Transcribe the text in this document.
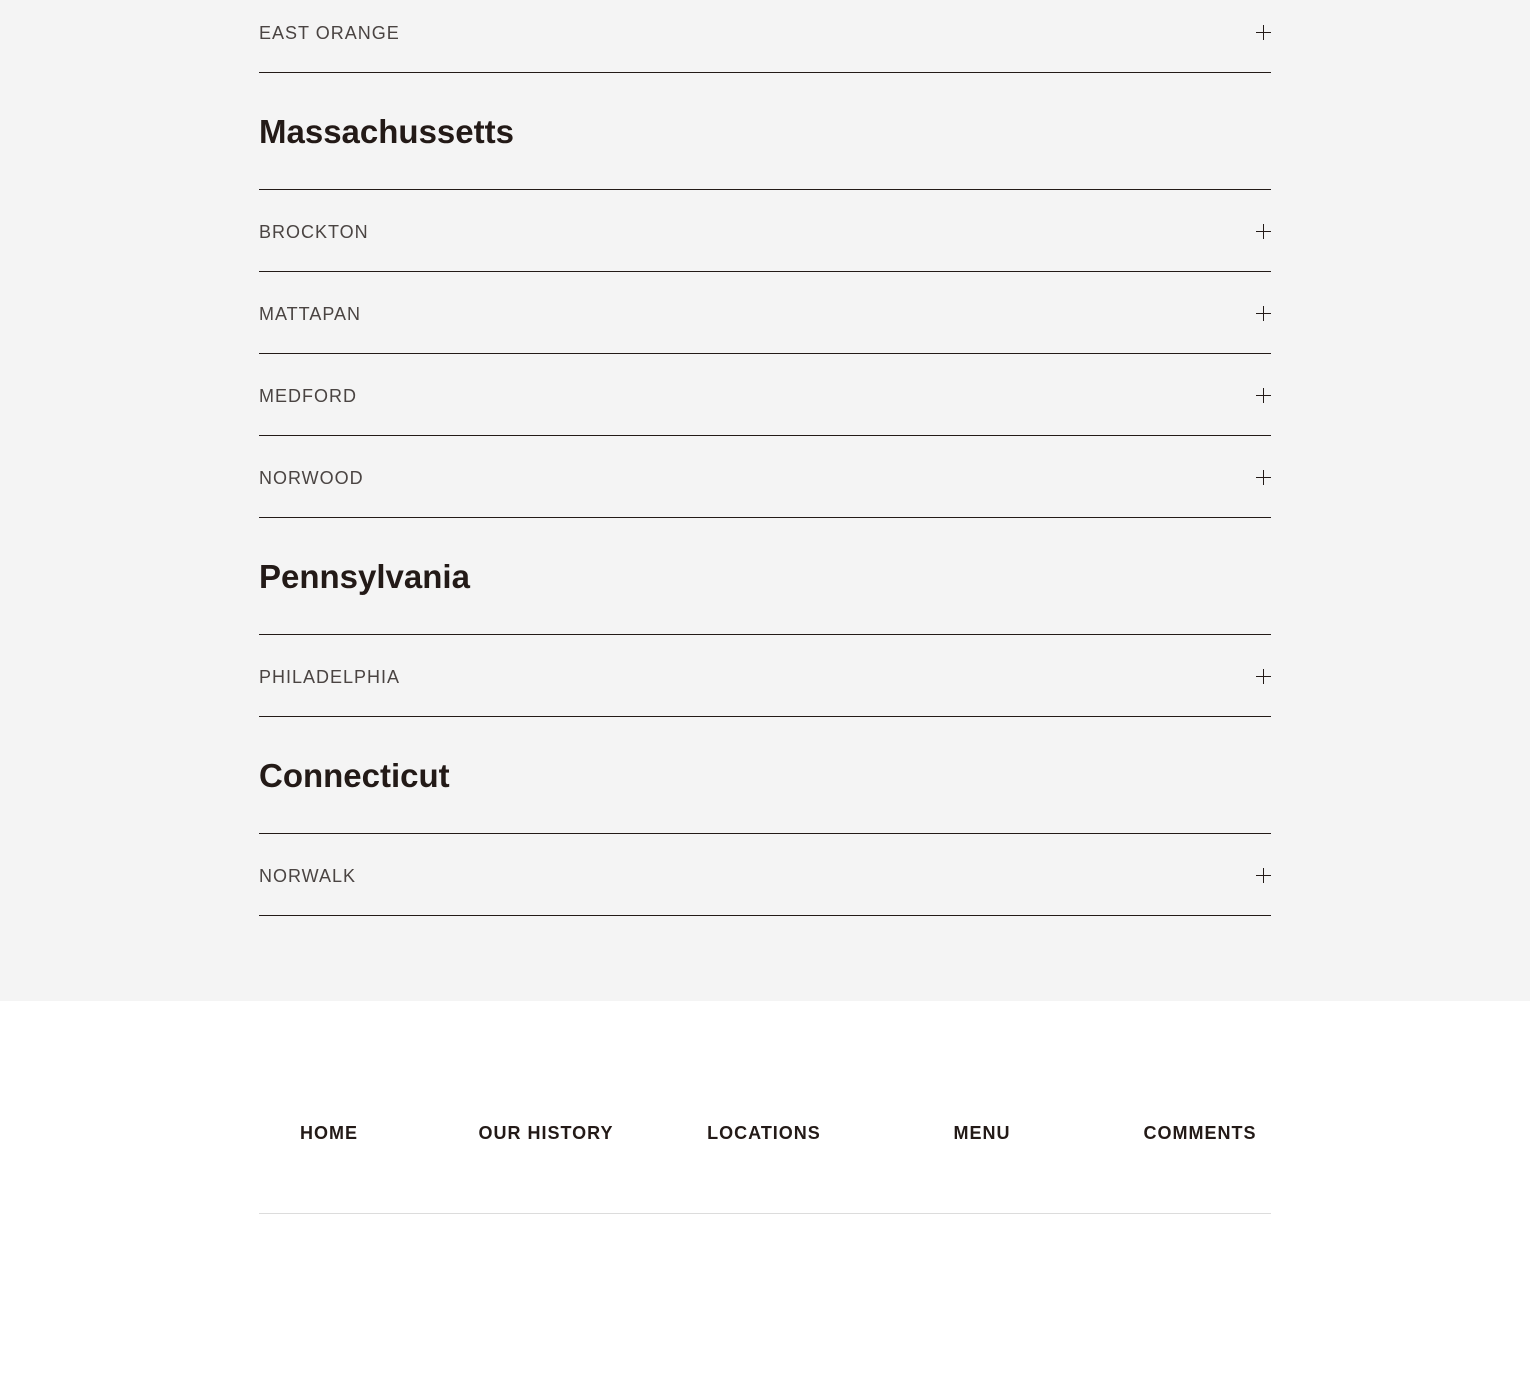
EAST ORANGE
Massachussetts
BROCKTON
MATTAPAN
MEDFORD
NORWOOD
Pennsylvania
PHILADELPHIA
Connecticut
NORWALK
HOME	OUR HISTORY	LOCATIONS	MENU	COMMENTS
